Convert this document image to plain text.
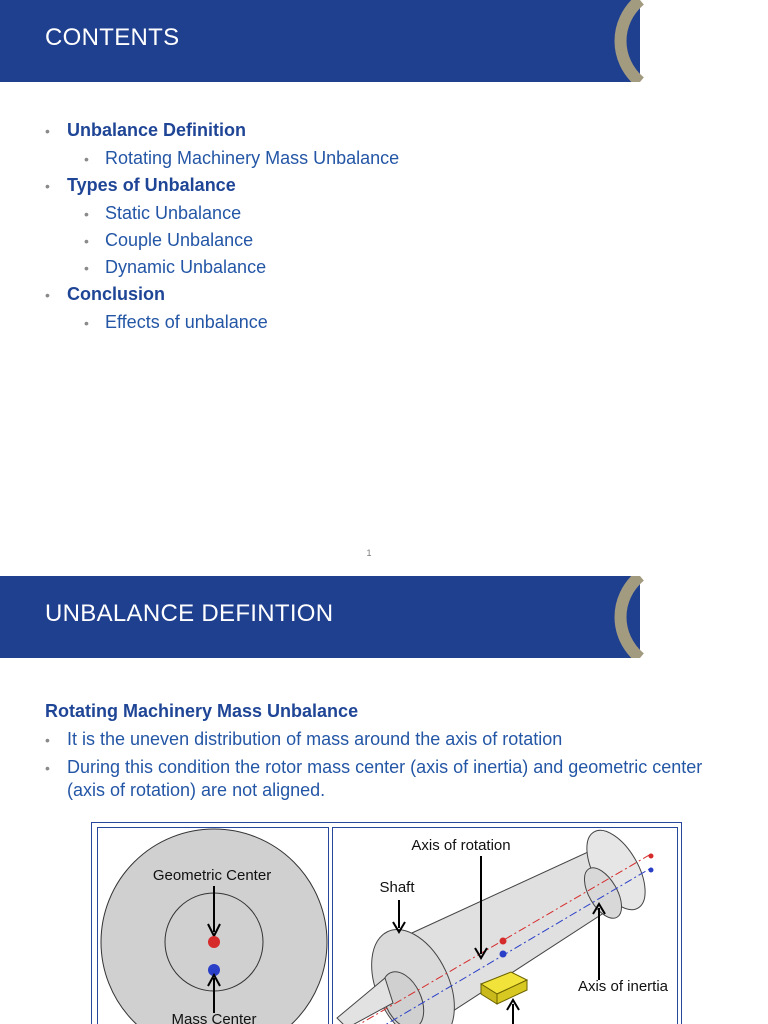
CONTENTS
• Unbalance Definition
• Rotating Machinery Mass Unbalance
• Types of Unbalance
• Static Unbalance
• Couple Unbalance
• Dynamic Unbalance
• Conclusion
• Effects of unbalance
1
UNBALANCE DEFINTION
Rotating Machinery Mass Unbalance
• It is the uneven distribution of mass around the axis of rotation
• During this condition the rotor mass center (axis of inertia) and geometric center (axis of rotation) are not aligned.
Geometric Center
Mass Center
Axis of rotation
Shaft
Axis of inertia
